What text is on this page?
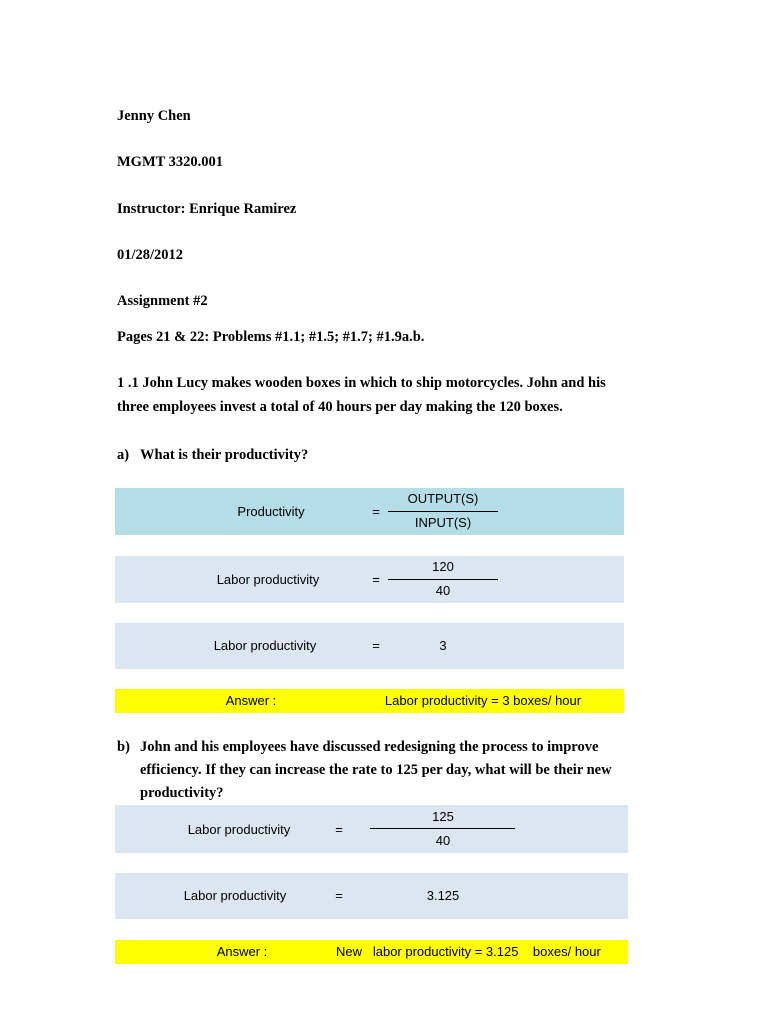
Jenny Chen
MGMT 3320.001
Instructor: Enrique Ramirez
01/28/2012
Assignment #2
Pages 21 & 22: Problems #1.1; #1.5; #1.7; #1.9a.b.
1 .1 John Lucy makes wooden boxes in which to ship motorcycles. John and his
three employees invest a total of 40 hours per day making the 120 boxes.
a) What is their productivity?
Productivity	=
OUTPUT(S)
INPUT(S)
Labor productivity	=
120
40
Labor productivity	=	3
Answer :	Labor productivity = 3 boxes/ hour
b) John and his employees have discussed redesigning the process to improve
efficiency. If they can increase the rate to 125 per day, what will be their new
productivity?
Labor productivity	=
125
40
Labor productivity	=	3.125
Answer :	New   labor productivity = 3.125    boxes/ hour
